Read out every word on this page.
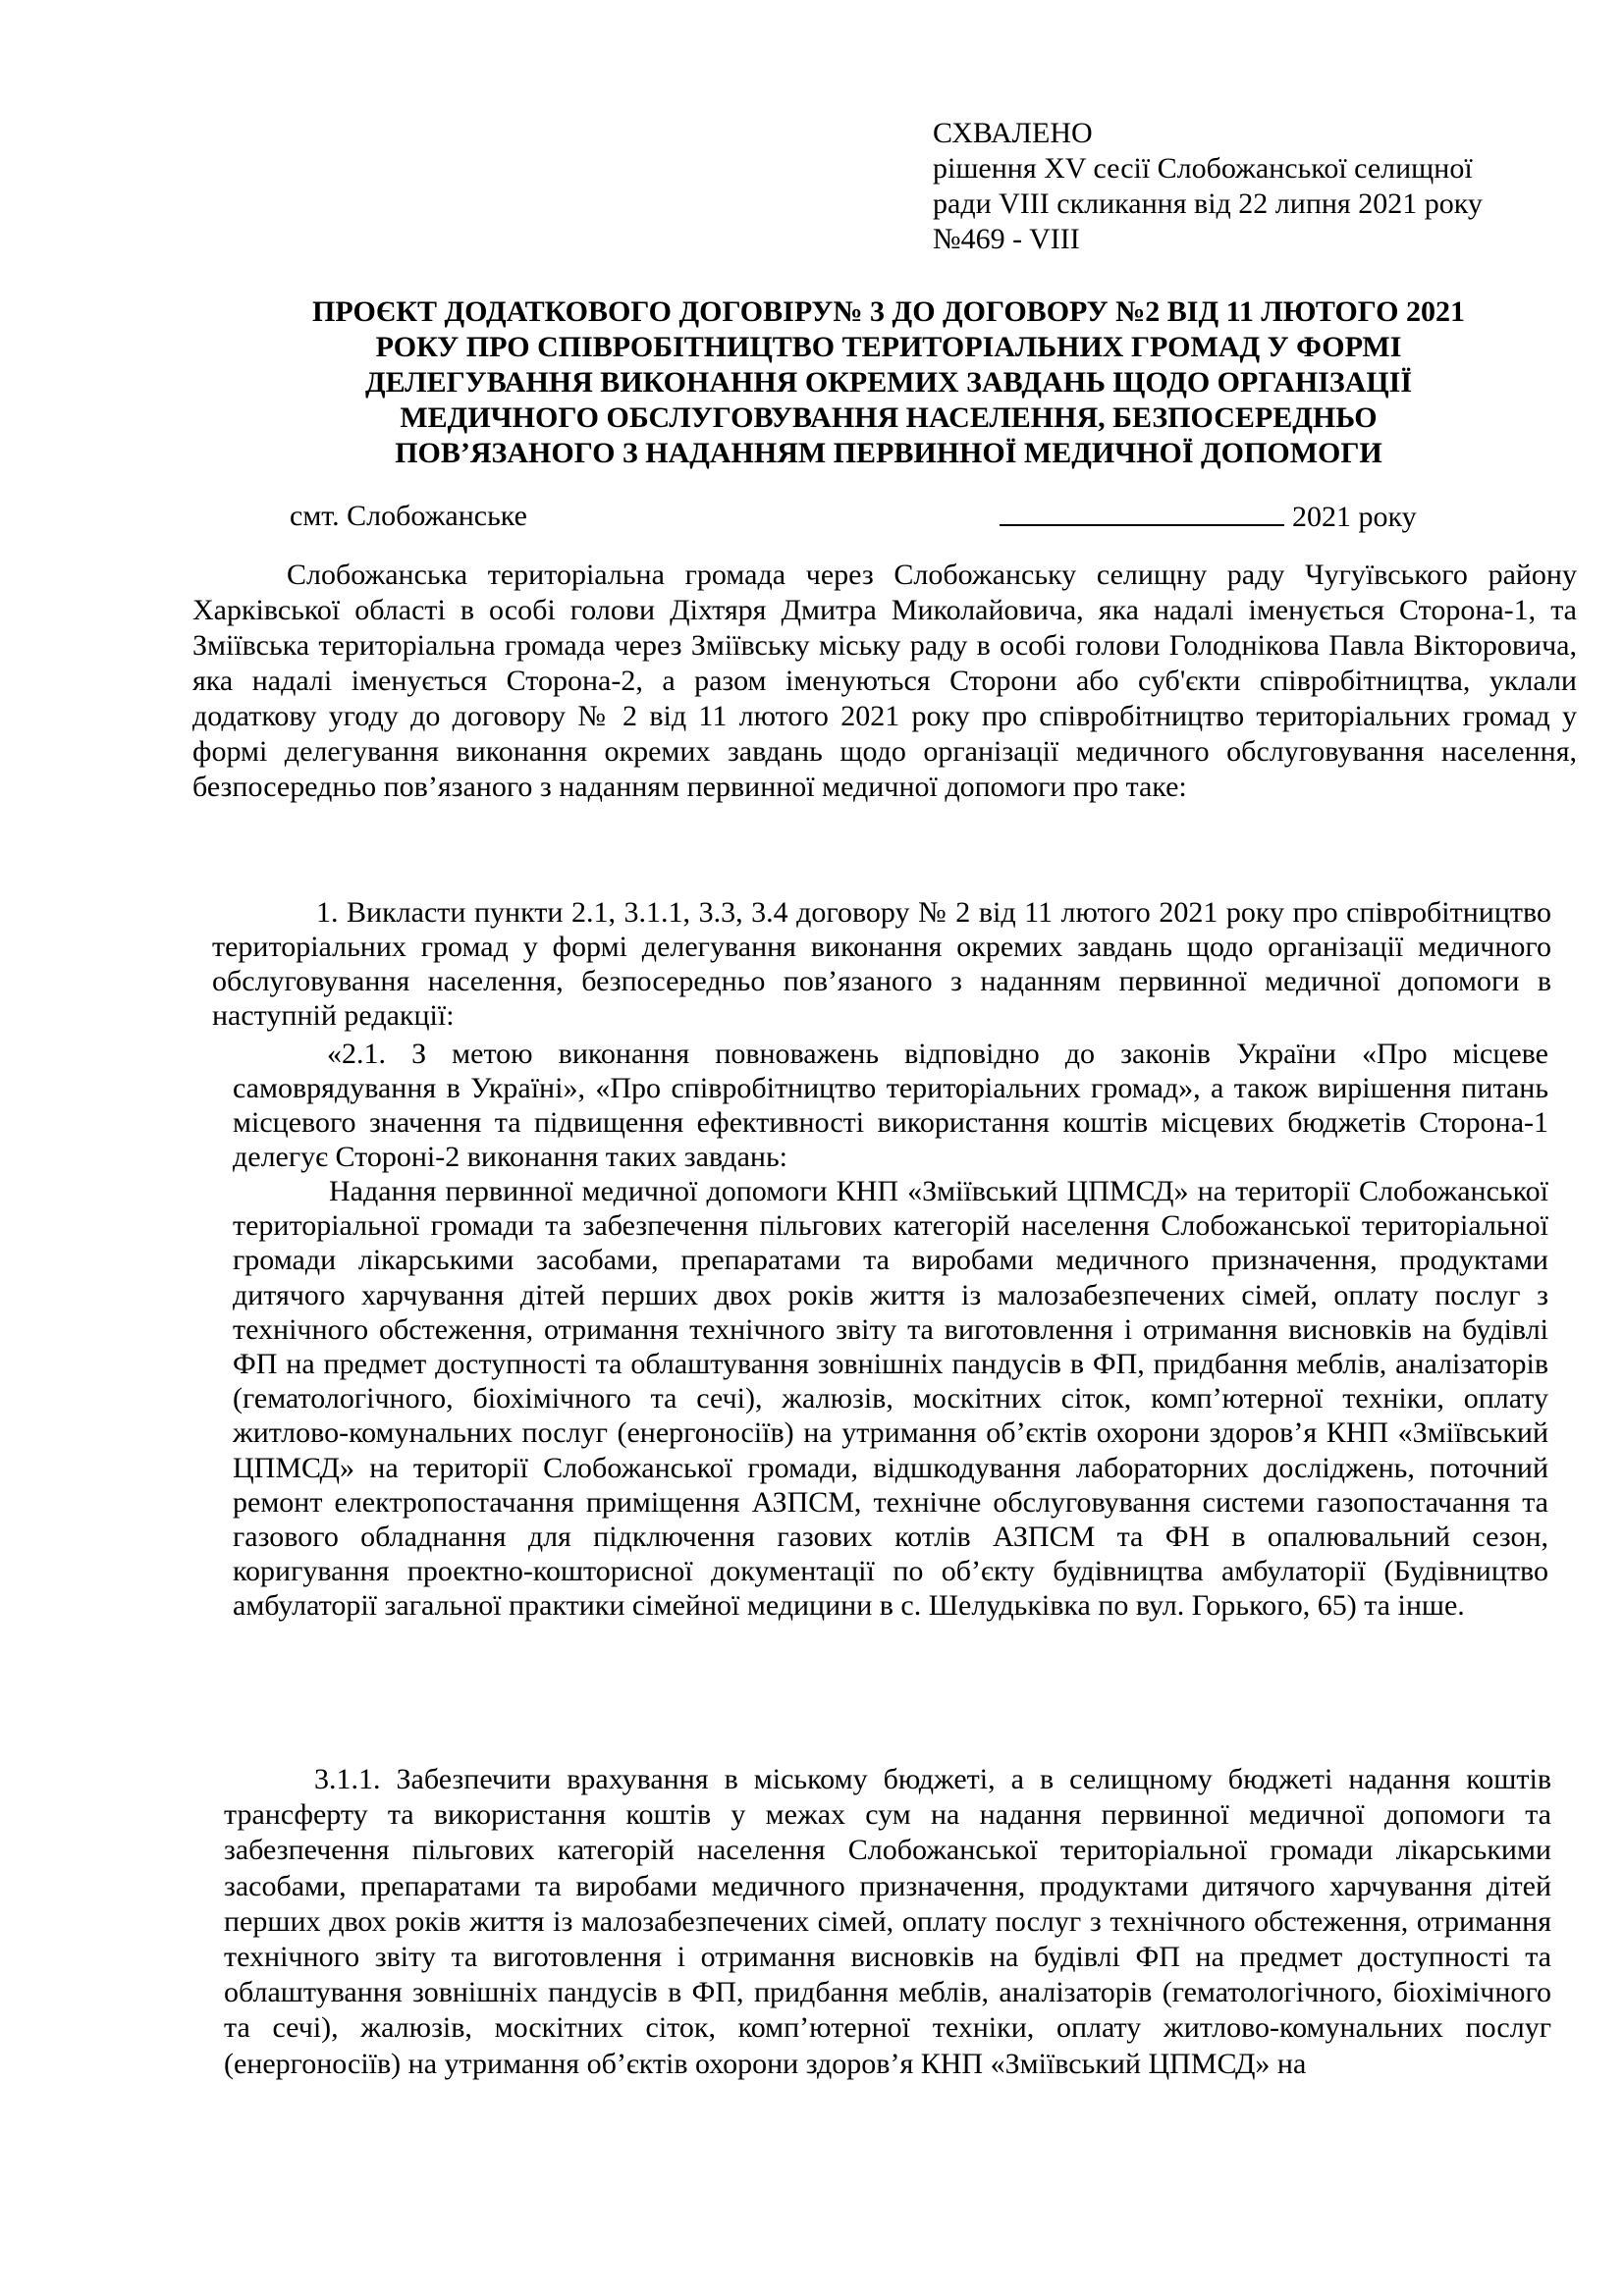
СХВАЛЕНО
рішення XV сесії Слобожанської селищної
ради VIII скликання від 22 липня 2021 року
№469 - VIII
ПРОЄКТ ДОДАТКОВОГО ДОГОВІРУ№ 3 ДО ДОГОВОРУ №2 ВІД 11 ЛЮТОГО 2021
РОКУ ПРО СПІВРОБІТНИЦТВО ТЕРИТОРІАЛЬНИХ ГРОМАД У ФОРМІ
ДЕЛЕГУВАННЯ ВИКОНАННЯ ОКРЕМИХ ЗАВДАНЬ ЩОДО ОРГАНІЗАЦІЇ
МЕДИЧНОГО ОБСЛУГОВУВАННЯ НАСЕЛЕННЯ, БЕЗПОСЕРЕДНЬО
ПОВ’ЯЗАНОГО З НАДАННЯМ ПЕРВИННОЇ МЕДИЧНОЇ ДОПОМОГИ
смт. Слобожанське	2021 року

Слобожанська територіальна громада через Слобожанську селищну раду Чугуївського району Харківської області в особі голови Діхтяря Дмитра Миколайовича, яка надалі іменується Сторона-1, та Зміївська територіальна громада через Зміївську міську раду в особі голови Голоднікова Павла Вікторовича, яка надалі іменується Сторона-2, а разом іменуються Сторони або суб'єкти співробітництва, уклали додаткову угоду до договору № 2 від 11 лютого 2021 року про співробітництво територіальних громад у формі делегування виконання окремих завдань щодо організації медичного обслуговування населення, безпосередньо пов’язаного з наданням первинної медичної допомоги про таке:

1. Викласти пункти 2.1, 3.1.1, 3.3, 3.4 договору № 2 від 11 лютого 2021 року про співробітництво територіальних громад у формі делегування виконання окремих завдань щодо організації медичного обслуговування населення, безпосередньо пов’язаного з наданням первинної медичної допомоги в наступній редакції:

«2.1. З метою виконання повноважень відповідно до законів України «Про місцеве самоврядування в Україні», «Про співробітництво територіальних громад», а також вирішення питань місцевого значення та підвищення ефективності використання коштів місцевих бюджетів Сторона-1 делегує Стороні-2 виконання таких завдань:

Надання первинної медичної допомоги КНП «Зміївський ЦПМСД» на території Слобожанської територіальної громади та забезпечення пільгових категорій населення Слобожанської територіальної громади лікарськими засобами, препаратами та виробами медичного призначення, продуктами дитячого харчування дітей перших двох років життя із малозабезпечених сімей, оплату послуг з технічного обстеження, отримання технічного звіту та виготовлення і отримання висновків на будівлі ФП на предмет доступності та облаштування зовнішніх пандусів в ФП, придбання меблів, аналізаторів (гематологічного, біохімічного та сечі), жалюзів, москітних сіток, комп’ютерної техніки, оплату житлово-комунальних послуг (енергоносіїв) на утримання об’єктів охорони здоров’я КНП «Зміївський ЦПМСД» на території Слобожанської громади, відшкодування лабораторних досліджень, поточний ремонт електропостачання приміщення АЗПСМ, технічне обслуговування системи газопостачання та газового обладнання для підключення газових котлів АЗПСМ та ФН в опалювальний сезон, коригування проектно-кошторисної документації по об’єкту будівництва амбулаторії (Будівництво амбулаторії загальної практики сімейної медицини в с. Шелудьківка по вул. Горького, 65) та інше.

3.1.1. Забезпечити врахування в міському бюджеті, а в селищному бюджеті надання коштів трансферту та використання коштів у межах сум на надання первинної медичної допомоги та забезпечення пільгових категорій населення Слобожанської територіальної громади лікарськими засобами, препаратами та виробами медичного призначення, продуктами дитячого харчування дітей перших двох років життя із малозабезпечених сімей, оплату послуг з технічного обстеження, отримання технічного звіту та виготовлення і отримання висновків на будівлі ФП на предмет доступності та облаштування зовнішніх пандусів в ФП, придбання меблів, аналізаторів (гематологічного, біохімічного та сечі), жалюзів, москітних сіток, комп’ютерної техніки, оплату житлово-комунальних послуг (енергоносіїв) на утримання об’єктів охорони здоров’я КНП «Зміївський ЦПМСД» на
